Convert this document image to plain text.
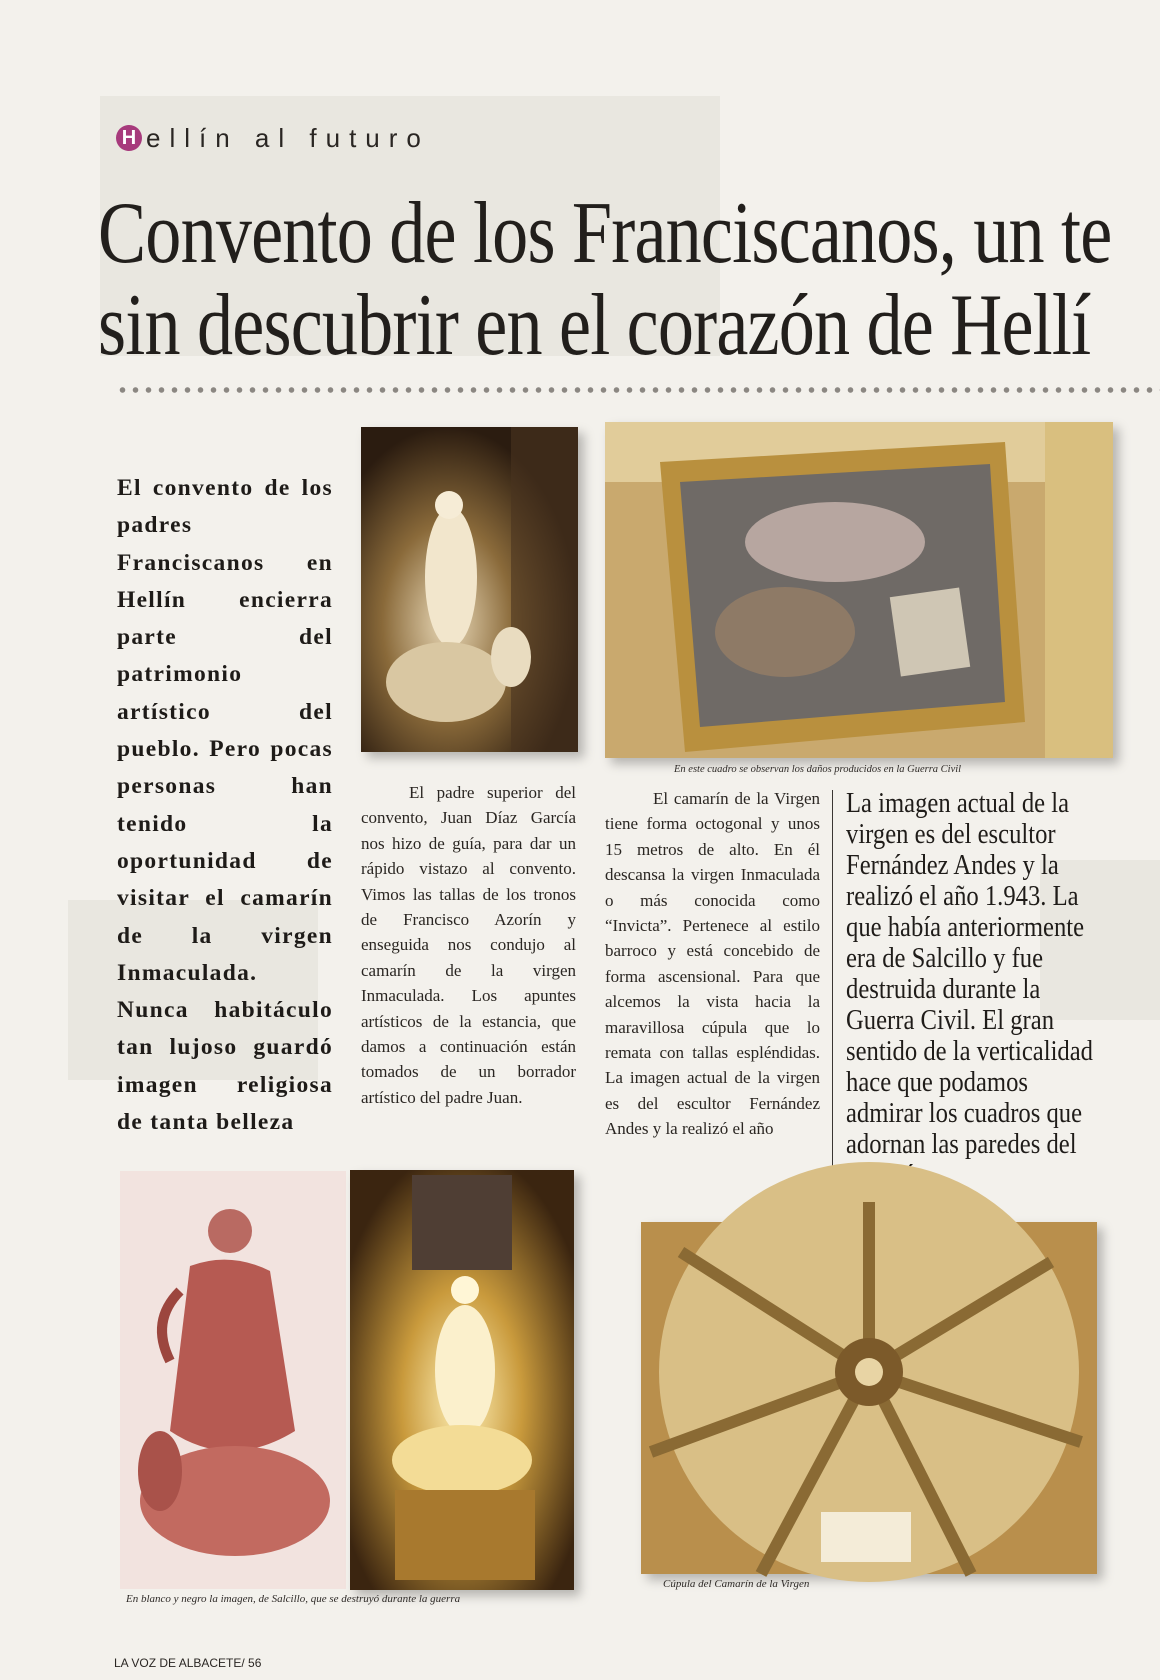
H ellín al futuro
Convento de los Franciscanos, un te
sin descubrir en el corazón de Hellí
El convento de los padres Franciscanos en Hellín encierra parte del patrimonio artístico del pueblo. Pero pocas personas han tenido la oportunidad de visitar el camarín de la virgen Inmaculada. Nunca habitáculo tan lujoso guardó imagen religiosa de tanta belleza
En este cuadro se observan los daños producidos en la Guerra Civil
El padre superior del convento, Juan Díaz García nos hizo de guía, para dar un rápido vistazo al convento. Vimos las tallas de los tronos de Francisco Azorín y enseguida nos condujo al camarín de la virgen Inmaculada. Los apuntes artísticos de la estancia, que damos a continuación están tomados de un borrador artístico del padre Juan.
El camarín de la Virgen tiene forma octogonal y unos 15 metros de alto. En él descansa la virgen Inmaculada o más conocida como “Invicta”. Pertenece al estilo barroco y está concebido de forma ascensional. Para que alcemos la vista hacia la maravillosa cúpula que lo remata con tallas espléndidas. La imagen actual de la virgen es del escultor Fernández Andes y la realizó el año
La imagen actual de la virgen es del escultor Fernández Andes y la realizó el año 1.943. La que había anteriormente era de Salcillo y fue destruida durante la Guerra Civil. El gran sentido de la verticalidad hace que podamos admirar los cuadros que adornan las paredes del
En blanco y negro la imagen, de Salcillo, que se destruyó durante la guerra
Cúpula del Camarín de la Virgen
LA VOZ DE ALBACETE/ 56
